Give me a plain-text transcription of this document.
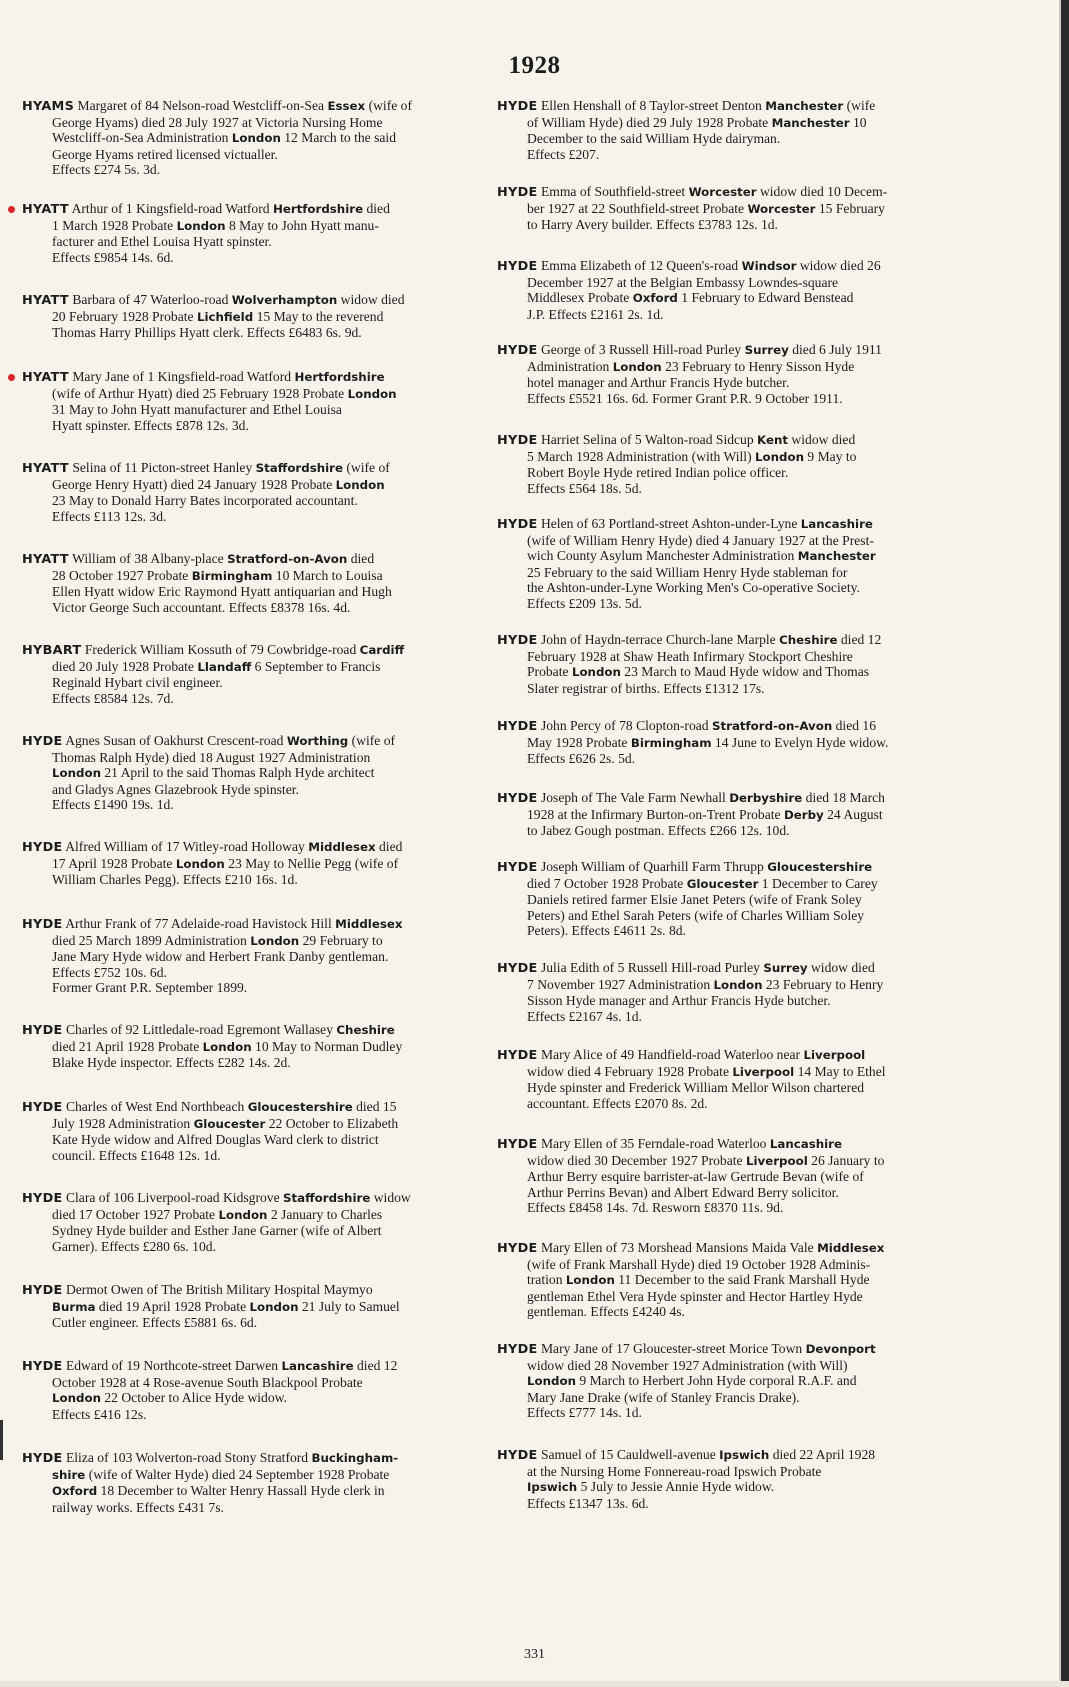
1928
HYAMS Margaret of 84 Nelson-road Westcliff-on-Sea Essex (wife of
George Hyams) died 28 July 1927 at Victoria Nursing Home
Westcliff-on-Sea Administration London 12 March to the said
George Hyams retired licensed victualler.
Effects £274 5s. 3d.
HYATT Arthur of 1 Kingsfield-road Watford Hertfordshire died
1 March 1928 Probate London 8 May to John Hyatt manu-
facturer and Ethel Louisa Hyatt spinster.
Effects £9854 14s. 6d.
HYATT Barbara of 47 Waterloo-road Wolverhampton widow died
20 February 1928 Probate Lichfield 15 May to the reverend
Thomas Harry Phillips Hyatt clerk. Effects £6483 6s. 9d.
HYATT Mary Jane of 1 Kingsfield-road Watford Hertfordshire
(wife of Arthur Hyatt) died 25 February 1928 Probate London
31 May to John Hyatt manufacturer and Ethel Louisa
Hyatt spinster. Effects £878 12s. 3d.
HYATT Selina of 11 Picton-street Hanley Staffordshire (wife of
George Henry Hyatt) died 24 January 1928 Probate London
23 May to Donald Harry Bates incorporated accountant.
Effects £113 12s. 3d.
HYATT William of 38 Albany-place Stratford-on-Avon died
28 October 1927 Probate Birmingham 10 March to Louisa
Ellen Hyatt widow Eric Raymond Hyatt antiquarian and Hugh
Victor George Such accountant. Effects £8378 16s. 4d.
HYBART Frederick William Kossuth of 79 Cowbridge-road Cardiff
died 20 July 1928 Probate Llandaff 6 September to Francis
Reginald Hybart civil engineer.
Effects £8584 12s. 7d.
HYDE Agnes Susan of Oakhurst Crescent-road Worthing (wife of
Thomas Ralph Hyde) died 18 August 1927 Administration
London 21 April to the said Thomas Ralph Hyde architect
and Gladys Agnes Glazebrook Hyde spinster.
Effects £1490 19s. 1d.
HYDE Alfred William of 17 Witley-road Holloway Middlesex died
17 April 1928 Probate London 23 May to Nellie Pegg (wife of
William Charles Pegg). Effects £210 16s. 1d.
HYDE Arthur Frank of 77 Adelaide-road Havistock Hill Middlesex
died 25 March 1899 Administration London 29 February to
Jane Mary Hyde widow and Herbert Frank Danby gentleman.
Effects £752 10s. 6d.
Former Grant P.R. September 1899.
HYDE Charles of 92 Littledale-road Egremont Wallasey Cheshire
died 21 April 1928 Probate London 10 May to Norman Dudley
Blake Hyde inspector. Effects £282 14s. 2d.
HYDE Charles of West End Northbeach Gloucestershire died 15
July 1928 Administration Gloucester 22 October to Elizabeth
Kate Hyde widow and Alfred Douglas Ward clerk to district
council. Effects £1648 12s. 1d.
HYDE Clara of 106 Liverpool-road Kidsgrove Staffordshire widow
died 17 October 1927 Probate London 2 January to Charles
Sydney Hyde builder and Esther Jane Garner (wife of Albert
Garner). Effects £280 6s. 10d.
HYDE Dermot Owen of The British Military Hospital Maymyo
Burma died 19 April 1928 Probate London 21 July to Samuel
Cutler engineer. Effects £5881 6s. 6d.
HYDE Edward of 19 Northcote-street Darwen Lancashire died 12
October 1928 at 4 Rose-avenue South Blackpool Probate
London 22 October to Alice Hyde widow.
Effects £416 12s.
HYDE Eliza of 103 Wolverton-road Stony Stratford Buckingham-
shire (wife of Walter Hyde) died 24 September 1928 Probate
Oxford 18 December to Walter Henry Hassall Hyde clerk in
railway works. Effects £431 7s.
HYDE Ellen Henshall of 8 Taylor-street Denton Manchester (wife
of William Hyde) died 29 July 1928 Probate Manchester 10
December to the said William Hyde dairyman.
Effects £207.
HYDE Emma of Southfield-street Worcester widow died 10 Decem-
ber 1927 at 22 Southfield-street Probate Worcester 15 February
to Harry Avery builder. Effects £3783 12s. 1d.
HYDE Emma Elizabeth of 12 Queen's-road Windsor widow died 26
December 1927 at the Belgian Embassy Lowndes-square
Middlesex Probate Oxford 1 February to Edward Benstead
J.P. Effects £2161 2s. 1d.
HYDE George of 3 Russell Hill-road Purley Surrey died 6 July 1911
Administration London 23 February to Henry Sisson Hyde
hotel manager and Arthur Francis Hyde butcher.
Effects £5521 16s. 6d. Former Grant P.R. 9 October 1911.
HYDE Harriet Selina of 5 Walton-road Sidcup Kent widow died
5 March 1928 Administration (with Will) London 9 May to
Robert Boyle Hyde retired Indian police officer.
Effects £564 18s. 5d.
HYDE Helen of 63 Portland-street Ashton-under-Lyne Lancashire
(wife of William Henry Hyde) died 4 January 1927 at the Prest-
wich County Asylum Manchester Administration Manchester
25 February to the said William Henry Hyde stableman for
the Ashton-under-Lyne Working Men's Co-operative Society.
Effects £209 13s. 5d.
HYDE John of Haydn-terrace Church-lane Marple Cheshire died 12
February 1928 at Shaw Heath Infirmary Stockport Cheshire
Probate London 23 March to Maud Hyde widow and Thomas
Slater registrar of births. Effects £1312 17s.
HYDE John Percy of 78 Clopton-road Stratford-on-Avon died 16
May 1928 Probate Birmingham 14 June to Evelyn Hyde widow.
Effects £626 2s. 5d.
HYDE Joseph of The Vale Farm Newhall Derbyshire died 18 March
1928 at the Infirmary Burton-on-Trent Probate Derby 24 August
to Jabez Gough postman. Effects £266 12s. 10d.
HYDE Joseph William of Quarhill Farm Thrupp Gloucestershire
died 7 October 1928 Probate Gloucester 1 December to Carey
Daniels retired farmer Elsie Janet Peters (wife of Frank Soley
Peters) and Ethel Sarah Peters (wife of Charles William Soley
Peters). Effects £4611 2s. 8d.
HYDE Julia Edith of 5 Russell Hill-road Purley Surrey widow died
7 November 1927 Administration London 23 February to Henry
Sisson Hyde manager and Arthur Francis Hyde butcher.
Effects £2167 4s. 1d.
HYDE Mary Alice of 49 Handfield-road Waterloo near Liverpool
widow died 4 February 1928 Probate Liverpool 14 May to Ethel
Hyde spinster and Frederick William Mellor Wilson chartered
accountant. Effects £2070 8s. 2d.
HYDE Mary Ellen of 35 Ferndale-road Waterloo Lancashire
widow died 30 December 1927 Probate Liverpool 26 January to
Arthur Berry esquire barrister-at-law Gertrude Bevan (wife of
Arthur Perrins Bevan) and Albert Edward Berry solicitor.
Effects £8458 14s. 7d. Resworn £8370 11s. 9d.
HYDE Mary Ellen of 73 Morshead Mansions Maida Vale Middlesex
(wife of Frank Marshall Hyde) died 19 October 1928 Adminis-
tration London 11 December to the said Frank Marshall Hyde
gentleman Ethel Vera Hyde spinster and Hector Hartley Hyde
gentleman. Effects £4240 4s.
HYDE Mary Jane of 17 Gloucester-street Morice Town Devonport
widow died 28 November 1927 Administration (with Will)
London 9 March to Herbert John Hyde corporal R.A.F. and
Mary Jane Drake (wife of Stanley Francis Drake).
Effects £777 14s. 1d.
HYDE Samuel of 15 Cauldwell-avenue Ipswich died 22 April 1928
at the Nursing Home Fonnereau-road Ipswich Probate
Ipswich 5 July to Jessie Annie Hyde widow.
Effects £1347 13s. 6d.
331
